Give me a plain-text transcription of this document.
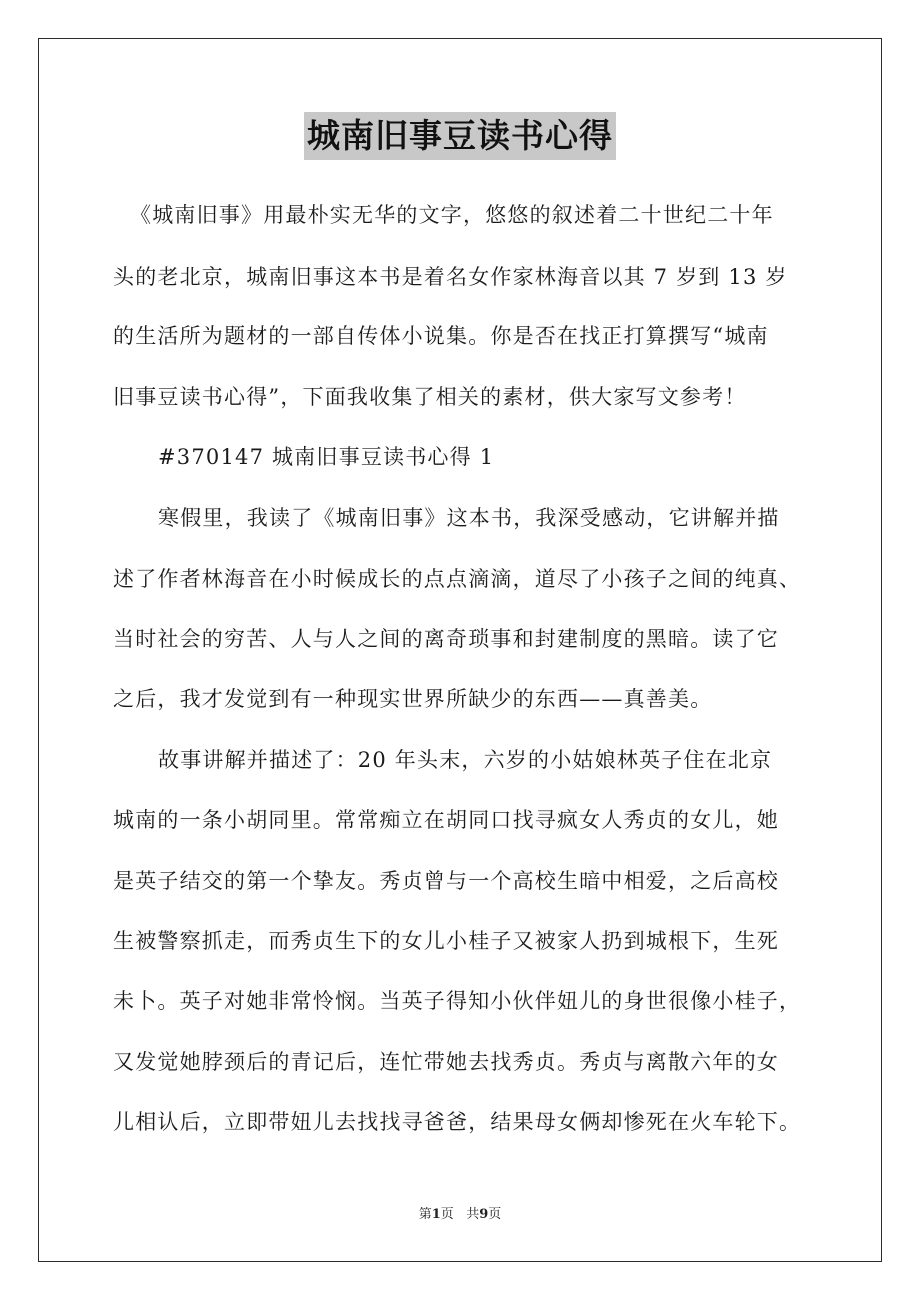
城南旧事豆读书心得
《城南旧事》用最朴实无华的文字，悠悠的叙述着二十世纪二十年
头的老北京，城南旧事这本书是着名女作家林海音以其 7 岁到 13 岁
的生活所为题材的一部自传体小说集。你是否在找正打算撰写“城南
旧事豆读书心得”，下面我收集了相关的素材，供大家写文参考！
#370147 城南旧事豆读书心得 1
寒假里，我读了《城南旧事》这本书，我深受感动，它讲解并描
述了作者林海音在小时候成长的点点滴滴，道尽了小孩子之间的纯真、
当时社会的穷苦、人与人之间的离奇琐事和封建制度的黑暗。读了它
之后，我才发觉到有一种现实世界所缺少的东西——真善美。
故事讲解并描述了：20 年头末，六岁的小姑娘林英子住在北京
城南的一条小胡同里。常常痴立在胡同口找寻疯女人秀贞的女儿，她
是英子结交的第一个挚友。秀贞曾与一个高校生暗中相爱，之后高校
生被警察抓走，而秀贞生下的女儿小桂子又被家人扔到城根下，生死
未卜。英子对她非常怜悯。当英子得知小伙伴妞儿的身世很像小桂子，
又发觉她脖颈后的青记后，连忙带她去找秀贞。秀贞与离散六年的女
儿相认后，立即带妞儿去找找寻爸爸，结果母女俩却惨死在火车轮下。
第1页   共9页
